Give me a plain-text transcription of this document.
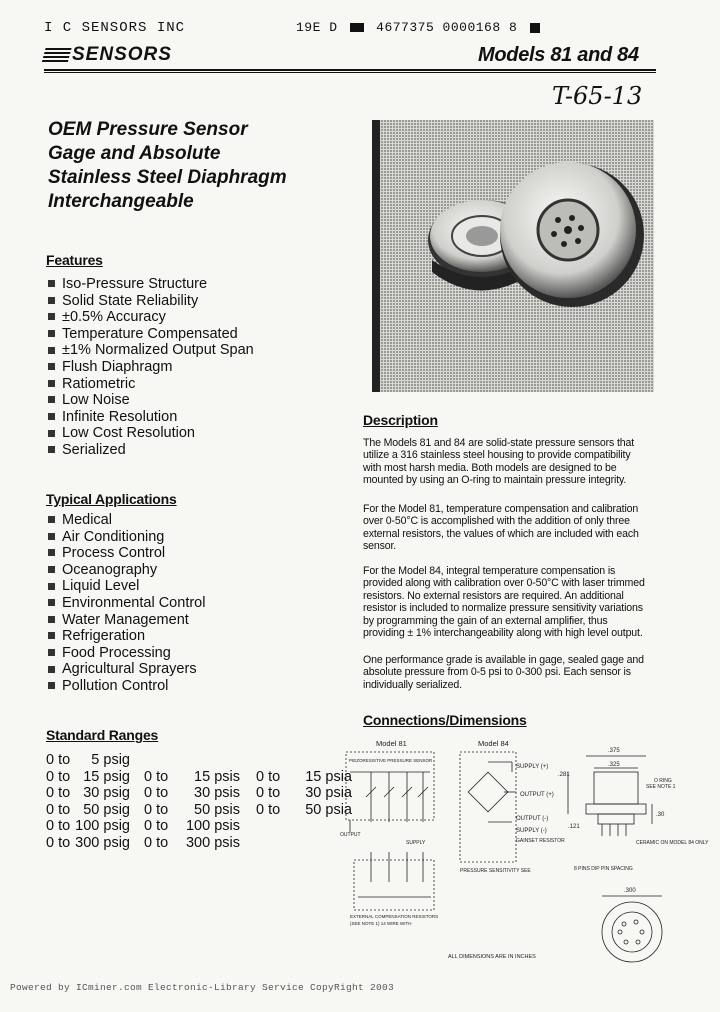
I C SENSORS INC	19E D	4677375 0000168 8
SENSORS	Models 81 and 84
T-65-13
OEM Pressure Sensor
Gage and Absolute
Stainless Steel Diaphragm
Interchangeable
Features
Iso-Pressure Structure
Solid State Reliability
±0.5% Accuracy
Temperature Compensated
±1% Normalized Output Span
Flush Diaphragm
Ratiometric
Low Noise
Infinite Resolution
Low Cost Resolution
Serialized
Typical Applications
Medical
Air Conditioning
Process Control
Oceanography
Liquid Level
Environmental Control
Water Management
Refrigeration
Food Processing
Agricultural Sprayers
Pollution Control
Standard Ranges
0 to	5 psig
0 to 15 psig 0 to	15 psis 0 to	15 psia
0 to 30 psig 0 to	30 psis 0 to	30 psia
0 to 50 psig 0 to	50 psis 0 to	50 psia
0 to 100 psig 0 to	100 psis
0 to 300 psig 0 to	300 psis
Description
The Models 81 and 84 are solid-state pressure sensors that
utilize a 316 stainless steel housing to provide compatibility
with most harsh media. Both models are designed to be
mounted by using an O-ring to maintain pressure integrity.
For the Model 81, temperature compensation and calibration
over 0-50°C is accomplished with the addition of only three
external resistors, the values of which are included with each
sensor.
For the Model 84, integral temperature compensation is
provided along with calibration over 0-50°C with laser trimmed
resistors. No external resistors are required. An additional
resistor is included to normalize pressure sensitivity variations
by programming the gain of an external amplifier, thus
providing ± 1% interchangeability along with high level output.
One performance grade is available in gage, sealed gage and
absolute pressure from 0-5 psi to 0-300 psi. Each sensor is
individually serialized.
Connections/Dimensions
Model 81	Model 84
PIEZORESISTIVE PRESSURE SENSOR
SUPPLY (+)
OUTPUT (+)
OUTPUT (-)
SUPPLY (-)
GAINSET RESISTOR
PRESSURE SENSITIVITY SEE
OUTPUT
SUPPLY
EXTERNAL COMPENSATION RESISTORS
(SEE NOTE 1) 14 WIRE WITH
O RING
SEE NOTE 1
CERAMIC ON MODEL 84 ONLY
8 PINS DIP PIN SPACING
.375
.325
.281
.30
.121
.300
ALL DIMENSIONS ARE IN INCHES
Powered by ICminer.com Electronic-Library Service CopyRight 2003
